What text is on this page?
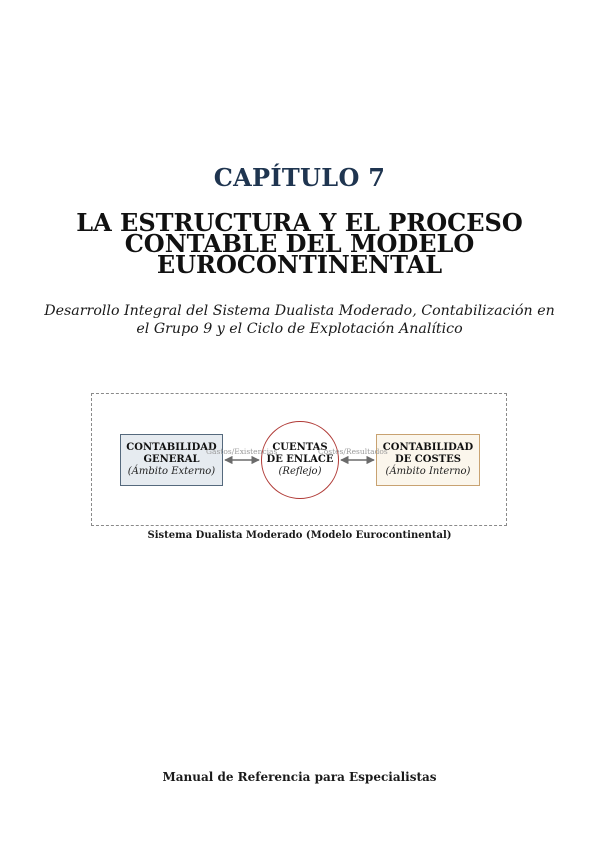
CAPÍTULO 7
LA ESTRUCTURA Y EL PROCESO
CONTABLE DEL MODELO
EUROCONTINENTAL
Desarrollo Integral del Sistema Dualista Moderado, Contabilización en
el Grupo 9 y el Ciclo de Explotación Analítico
CONTABILIDAD
GENERAL
(Ámbito Externo)
CUENTAS
DE ENLACE
(Reflejo)
CONTABILIDAD
DE COSTES
(Ámbito Interno)
Gastos/Existencias	Costes/Resultados
Sistema Dualista Moderado (Modelo Eurocontinental)
Manual de Referencia para Especialistas
